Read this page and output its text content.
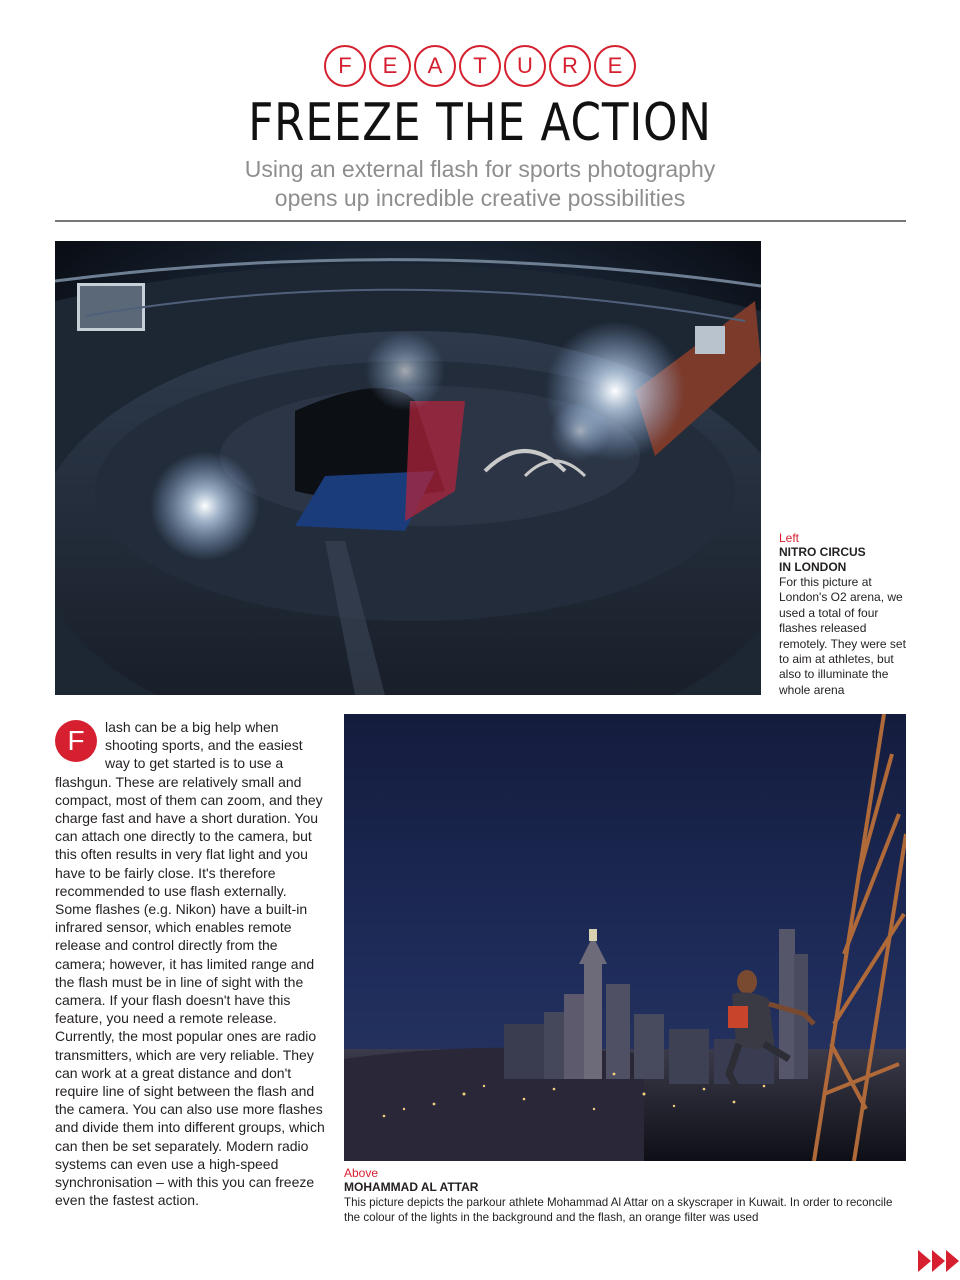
F	E	A	T	U	R	E
FREEZE THE ACTION

Using an external flash for sports photography
opens up incredible creative possibilities

Left
NITRO CIRCUS
IN LONDON
For this picture at London's O2 arena, we used a total of four flashes released remotely. They were set to aim at athletes, but also to illuminate the whole arena

F	lash can be a big help when shooting sports, and the easiest way to get started is to use a flashgun. These are relatively small and compact, most of them can zoom, and they charge fast and have a short duration. You can attach one directly to the camera, but this often results in very flat light and you have to be fairly close. It's therefore recommended to use flash externally. Some flashes (e.g. Nikon) have a built-in infrared sensor, which enables remote release and control directly from the camera; however, it has limited range and the flash must be in line of sight with the camera. If your flash doesn't have this feature, you need a remote release. Currently, the most popular ones are radio transmitters, which are very reliable. They can work at a great distance and don't require line of sight between the flash and the camera. You can also use more flashes and divide them into different groups, which can then be set separately. Modern radio systems can even use a high-speed synchronisation – with this you can freeze even the fastest action.

Above
MOHAMMAD AL ATTAR
This picture depicts the parkour athlete Mohammad Al Attar on a skyscraper in Kuwait. In order to reconcile the colour of the lights in the background and the flash, an orange filter was used
